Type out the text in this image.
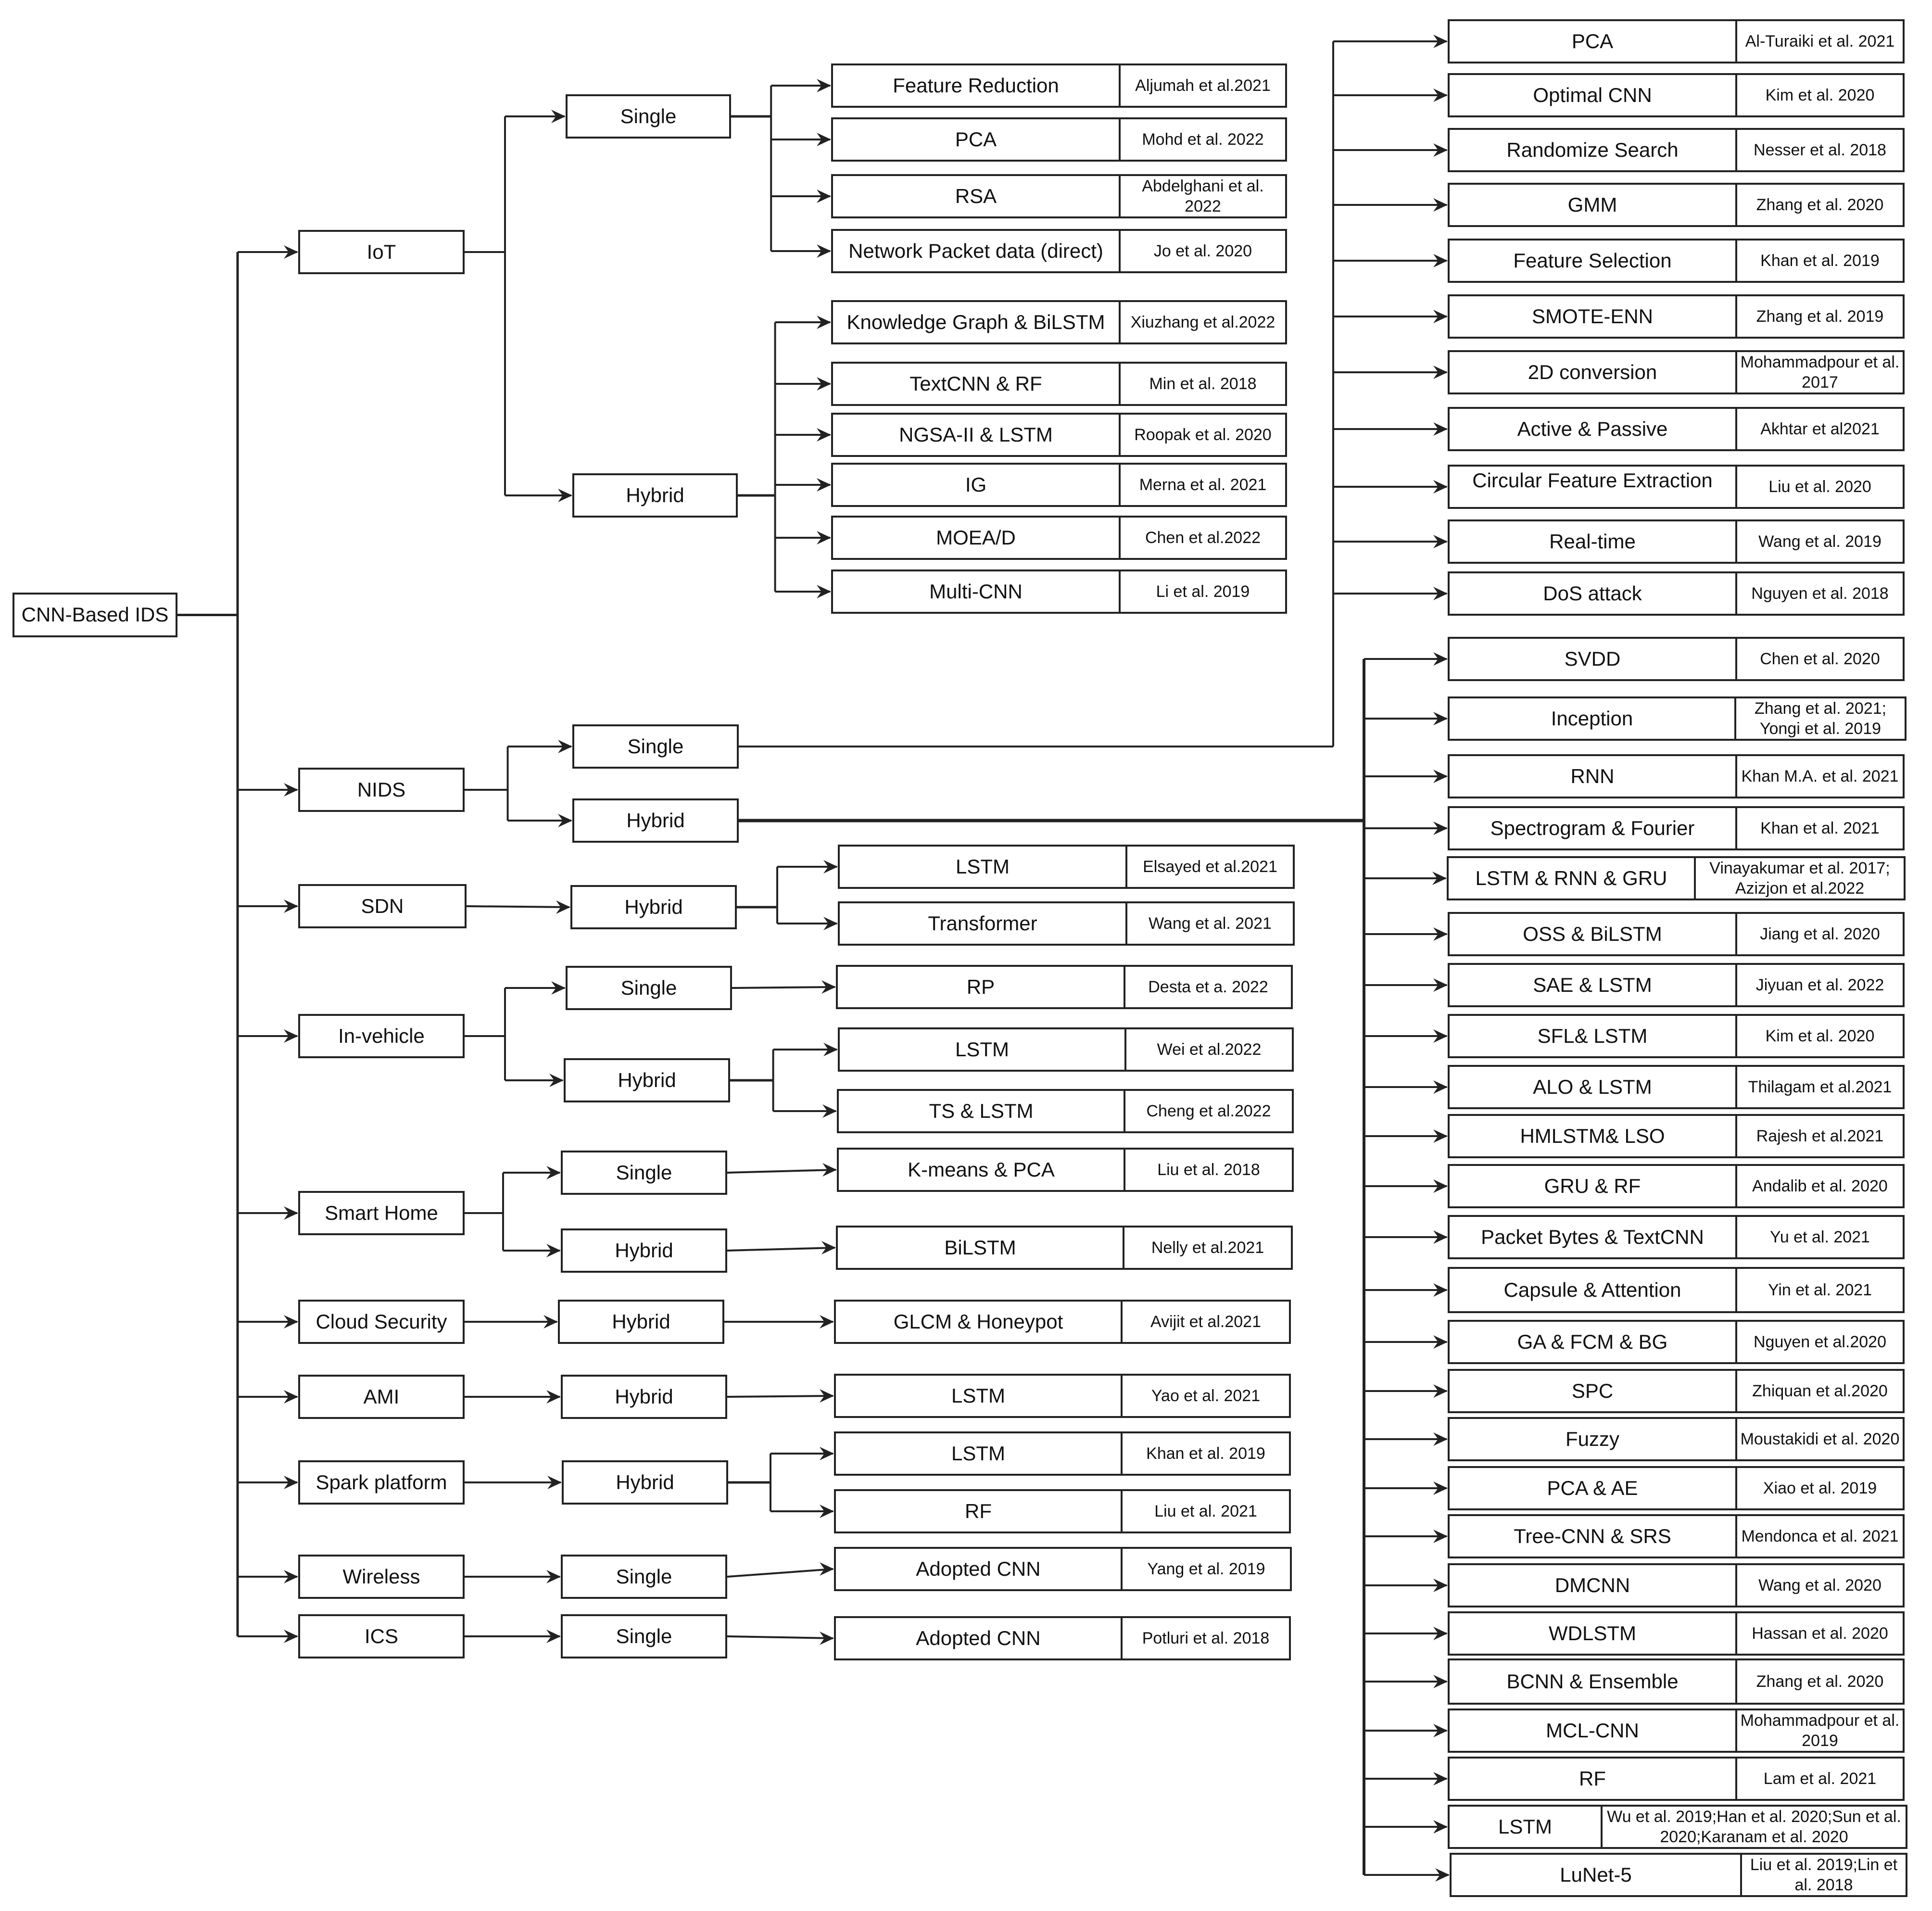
CNN-Based IDS
IoT
NIDS
SDN
In-vehicle
Smart Home
Cloud Security
AMI
Spark platform
Wireless
ICS
Single
Hybrid
Single
Hybrid
Hybrid
Single
Hybrid
Single
Hybrid
Hybrid
Hybrid
Hybrid
Single
Single
Feature Reduction	Aljumah et al.2021
PCA	Mohd et al. 2022
RSA	Abdelghani et al. 2022
Network Packet data (direct)	Jo et al. 2020
Knowledge Graph & BiLSTM	Xiuzhang et al.2022
TextCNN & RF	Min et al. 2018
NGSA-II & LSTM	Roopak et al. 2020
IG	Merna et al. 2021
MOEA/D	Chen et al.2022
Multi-CNN	Li et al. 2019
LSTM	Elsayed et al.2021
Transformer	Wang et al. 2021
RP	Desta et a. 2022
LSTM	Wei et al.2022
TS & LSTM	Cheng et al.2022
K-means & PCA	Liu et al. 2018
BiLSTM	Nelly et al.2021
GLCM & Honeypot	Avijit et al.2021
LSTM	Yao et al. 2021
LSTM	Khan et al. 2019
RF	Liu et al. 2021
Adopted CNN	Yang et al. 2019
Adopted CNN	Potluri et al. 2018
PCA	Al-Turaiki et al. 2021
Optimal CNN	Kim et al. 2020
Randomize Search	Nesser et al. 2018
GMM	Zhang et al. 2020
Feature Selection	Khan et al. 2019
SMOTE-ENN	Zhang et al. 2019
2D conversion	Mohammadpour et al. 2017
Active & Passive	Akhtar et al2021
Circular Feature Extraction	Liu et al. 2020
Real-time	Wang et al. 2019
DoS attack	Nguyen et al. 2018
SVDD	Chen et al. 2020
Inception	Zhang et al. 2021; Yongi et al. 2019
RNN	Khan M.A. et al. 2021
Spectrogram & Fourier	Khan et al. 2021
LSTM & RNN & GRU	Vinayakumar et al. 2017; Azizjon et al.2022
OSS & BiLSTM	Jiang et al. 2020
SAE & LSTM	Jiyuan et al. 2022
SFL& LSTM	Kim et al. 2020
ALO & LSTM	Thilagam et al.2021
HMLSTM& LSO	Rajesh et al.2021
GRU & RF	Andalib et al. 2020
Packet Bytes & TextCNN	Yu et al. 2021
Capsule & Attention	Yin et al. 2021
GA & FCM & BG	Nguyen et al.2020
SPC	Zhiquan et al.2020
Fuzzy	Moustakidi et al. 2020
PCA & AE	Xiao et al. 2019
Tree-CNN & SRS	Mendonca et al. 2021
DMCNN	Wang et al. 2020
WDLSTM	Hassan et al. 2020
BCNN & Ensemble	Zhang et al. 2020
MCL-CNN	Mohammadpour et al. 2019
RF	Lam et al. 2021
LSTM	Wu et al. 2019;Han et al. 2020;Sun et al. 2020;Karanam et al. 2020
LuNet-5	Liu et al. 2019;Lin et al. 2018
